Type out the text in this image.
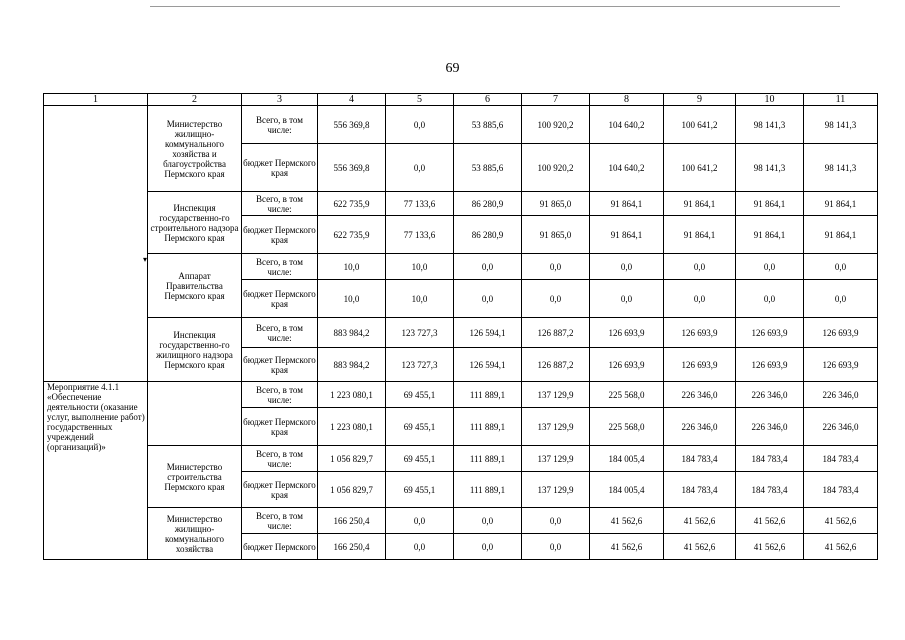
69
▾
1	2	3	4	5	6	7	8	9	10	11
	Министерство жилищно-коммунального хозяйства и благоустройства Пермского края	Всего, в том числе:	556 369,8	0,0	53 885,6	100 920,2	104 640,2	100 641,2	98 141,3	98 141,3
		бюджет Пермского края	556 369,8	0,0	53 885,6	100 920,2	104 640,2	100 641,2	98 141,3	98 141,3
	Инспекция государственно-го строительного надзора Пермского края	Всего, в том числе:	622 735,9	77 133,6	86 280,9	91 865,0	91 864,1	91 864,1	91 864,1	91 864,1
		бюджет Пермского края	622 735,9	77 133,6	86 280,9	91 865,0	91 864,1	91 864,1	91 864,1	91 864,1
	Аппарат Правительства Пермского края	Всего, в том числе:	10,0	10,0	0,0	0,0	0,0	0,0	0,0	0,0
		бюджет Пермского края	10,0	10,0	0,0	0,0	0,0	0,0	0,0	0,0
	Инспекция государственно-го жилищного надзора Пермского края	Всего, в том числе:	883 984,2	123 727,3	126 594,1	126 887,2	126 693,9	126 693,9	126 693,9	126 693,9
		бюджет Пермского края	883 984,2	123 727,3	126 594,1	126 887,2	126 693,9	126 693,9	126 693,9	126 693,9
Мероприятие 4.1.1 «Обеспечение деятельности (оказание услуг, выполнение работ) государственных учреждений (организаций)»		Всего, в том числе:	1 223 080,1	69 455,1	111 889,1	137 129,9	225 568,0	226 346,0	226 346,0	226 346,0
		бюджет Пермского края	1 223 080,1	69 455,1	111 889,1	137 129,9	225 568,0	226 346,0	226 346,0	226 346,0
	Министерство строительства Пермского края	Всего, в том числе:	1 056 829,7	69 455,1	111 889,1	137 129,9	184 005,4	184 783,4	184 783,4	184 783,4
		бюджет Пермского края	1 056 829,7	69 455,1	111 889,1	137 129,9	184 005,4	184 783,4	184 783,4	184 783,4
	Министерство жилищно-коммунального хозяйства	Всего, в том числе:	166 250,4	0,0	0,0	0,0	41 562,6	41 562,6	41 562,6	41 562,6
		бюджет Пермского	166 250,4	0,0	0,0	0,0	41 562,6	41 562,6	41 562,6	41 562,6
